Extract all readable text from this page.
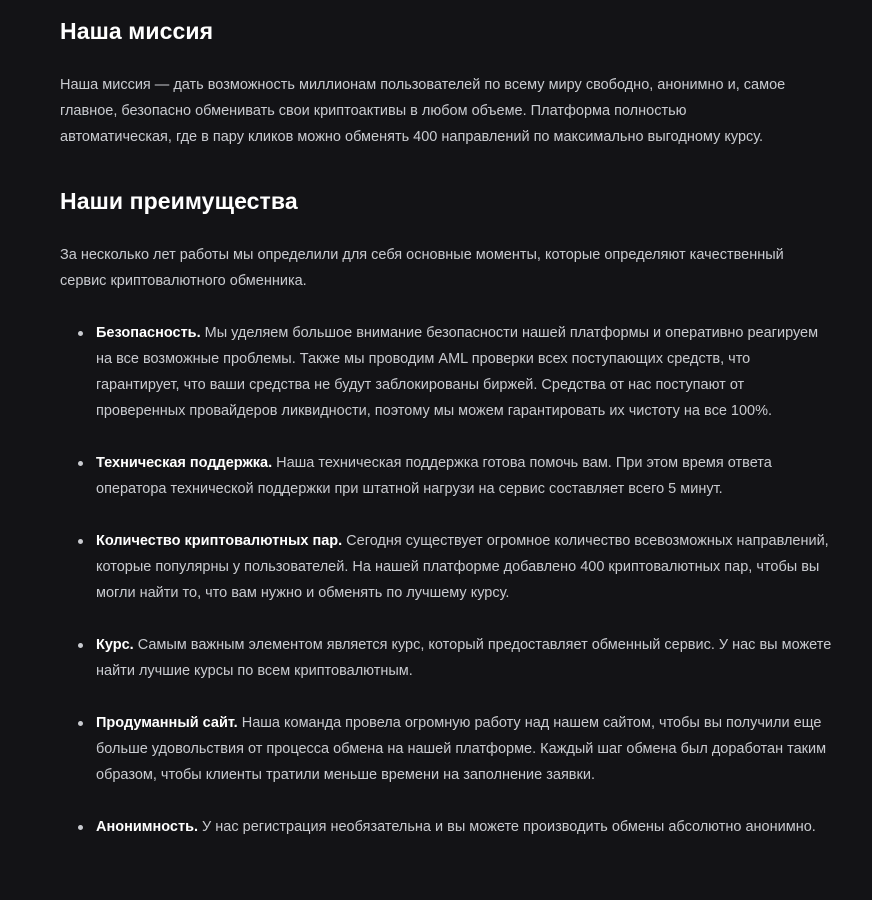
Наша миссия

Наша миссия — дать возможность миллионам пользователей по всему миру свободно, анонимно и, самое главное, безопасно обменивать свои криптоактивы в любом объеме. Платформа полностью автоматическая, где в пару кликов можно обменять 400 направлений по максимально выгодному курсу.

Наши преимущества

За несколько лет работы мы определили для себя основные моменты, которые определяют качественный сервис криптовалютного обменника.

Безопасность. Мы уделяем большое внимание безопасности нашей платформы и оперативно реагируем на все возможные проблемы. Также мы проводим AML проверки всех поступающих средств, что гарантирует, что ваши средства не будут заблокированы биржей. Средства от нас поступают от проверенных провайдеров ликвидности, поэтому мы можем гарантировать их чистоту на все 100%.
Техническая поддержка. Наша техническая поддержка готова помочь вам. При этом время ответа оператора технической поддержки при штатной нагрузи на сервис составляет всего 5 минут.
Количество криптовалютных пар. Сегодня существует огромное количество всевозможных направлений, которые популярны у пользователей. На нашей платформе добавлено 400 криптовалютных пар, чтобы вы могли найти то, что вам нужно и обменять по лучшему курсу.
Курс. Самым важным элементом является курс, который предоставляет обменный сервис. У нас вы можете найти лучшие курсы по всем криптовалютным.
Продуманный сайт. Наша команда провела огромную работу над нашем сайтом, чтобы вы получили еще больше удовольствия от процесса обмена на нашей платформе. Каждый шаг обмена был доработан таким образом, чтобы клиенты тратили меньше времени на заполнение заявки.
Анонимность. У нас регистрация необязательна и вы можете производить обмены абсолютно анонимно.
